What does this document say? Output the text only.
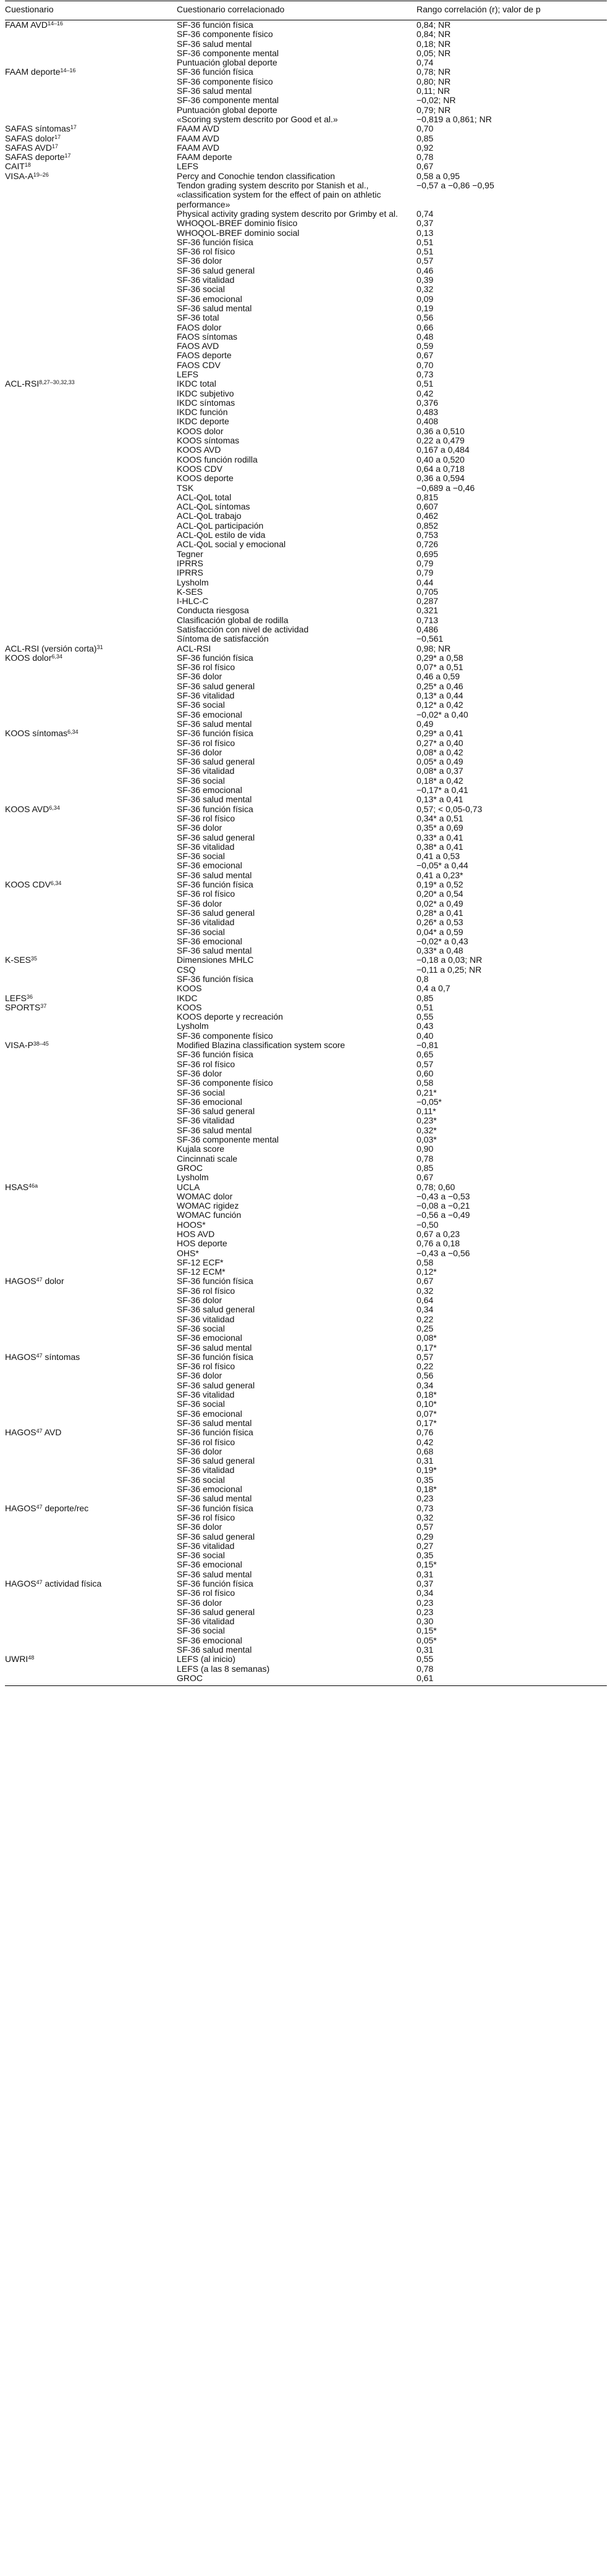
Cuestionario	Cuestionario correlacionado	Rango correlación (r); valor de p
FAAM AVD$^{14-16}$	SF-36 función física	0,84; NR
	SF-36 componente físico	0,84; NR
	SF-36 salud mental	0,18; NR
	SF-36 componente mental	0,05; NR
	Puntuación global deporte	0,74
FAAM deporte$^{14-16}$	SF-36 función física	0,78; NR
	SF-36 componente físico	0,80; NR
	SF-36 salud mental	0,11; NR
	SF-36 componente mental	−0,02; NR
	Puntuación global deporte	0,79; NR
	«Scoring system descrito por Good et al.»	−0,819 a 0,861; NR
SAFAS síntomas$^{17}$	FAAM AVD	0,70
SAFAS dolor$^{17}$	FAAM AVD	0,85
SAFAS AVD$^{17}$	FAAM AVD	0,92
SAFAS deporte$^{17}$	FAAM deporte	0,78
CAIT$^{18}$	LEFS	0,67
VISA-$A^{19-26}$	Percy and Conochie tendon classification	0,58 a 0,95
	Tendon grading system descrito por Stanish et al., «classification system for the effect of pain on athletic performance»	−0,57 a −0,86 −0,95
	Physical activity grading system descrito por Grimby et al.	0,74
	WHOQOL-BREF dominio físico	0,37
	WHOQOL-BREF dominio social	0,13
	SF-36 función física	0,51
	SF-36 rol físico	0,51
	SF-36 dolor	0,57
	SF-36 salud general	0,46
	SF-36 vitalidad	0,39
	SF-36 social	0,32
	SF-36 emocional	0,09
	SF-36 salud mental	0,19
	SF-36 total	0,56
	FAOS dolor	0,66
	FAOS síntomas	0,48
	FAOS AVD	0,59
	FAOS deporte	0,67
	FAOS CDV	0,70
	LEFS	0,73
ACL-RSI$^{8,27-30,32,33}$	IKDC total	0,51
	IKDC subjetivo	0,42
	IKDC síntomas	0,376
	IKDC función	0,483
	IKDC deporte	0,408
	KOOS dolor	0,36 a 0,510
	KOOS síntomas	0,22 a 0,479
	KOOS AVD	0,167 a 0,484
	KOOS función rodilla	0,40 a 0,520
	KOOS CDV	0,64 a 0,718
	KOOS deporte	0,36 a 0,594
	TSK	−0,689 a −0,46
	ACL-QoL total	0,815
	ACL-QoL síntomas	0,607
	ACL-QoL trabajo	0,462
	ACL-QoL participación	0,852
	ACL-QoL estilo de vida	0,753
	ACL-QoL social y emocional	0,726
	Tegner	0,695
	IPRRS	0,79
	IPRRS	0,79
	Lysholm	0,44
	K-SES	0,705
	I-HLC-C	0,287
	Conducta riesgosa	0,321
	Clasificación global de rodilla	0,713
	Satisfacción con nivel de actividad	0,486
	Síntoma de satisfacción	−0,561
ACL-RSI (versión corta)$^{31}$	ACL-RSI	0,98; NR
KOOS dolor$^{6,34}$	SF-36 función física	0,29* a 0,58
	SF-36 rol físico	0,07* a 0,51
	SF-36 dolor	0,46 a 0,59
	SF-36 salud general	0,25* a 0,46
	SF-36 vitalidad	0,13* a 0,44
	SF-36 social	0,12* a 0,42
	SF-36 emocional	−0,02* a 0,40
	SF-36 salud mental	0,49
KOOS síntomas$^{6,34}$	SF-36 función física	0,29* a 0,41
	SF-36 rol físico	0,27* a 0,40
	SF-36 dolor	0,08* a 0,42
	SF-36 salud general	0,05* a 0,49
	SF-36 vitalidad	0,08* a 0,37
	SF-36 social	0,18* a 0,42
	SF-36 emocional	−0,17* a 0,41
	SF-36 salud mental	0,13* a 0,41
KOOS AVD$^{6,34}$	SF-36 función física	0,57; < 0,05-0,73
	SF-36 rol físico	0,34* a 0,51
	SF-36 dolor	0,35* a 0,69
	SF-36 salud general	0,33* a 0,41
	SF-36 vitalidad	0,38* a 0,41
	SF-36 social	0,41 a 0,53
	SF-36 emocional	−0,05* a 0,44
	SF-36 salud mental	0,41 a 0,23*
KOOS CDV$^{6,34}$	SF-36 función física	0,19* a 0,52
	SF-36 rol físico	0,20* a 0,54
	SF-36 dolor	0,02* a 0,49
	SF-36 salud general	0,28* a 0,41
	SF-36 vitalidad	0,26* a 0,53
	SF-36 social	0,04* a 0,59
	SF-36 emocional	−0,02* a 0,43
	SF-36 salud mental	0,33* a 0,48
K-SES$^{35}$	Dimensiones MHLC	−0,18 a 0,03; NR
	CSQ	−0,11 a 0,25; NR
	SF-36 función física	0,8
	KOOS	0,4 a 0,7
LEFS$^{36}$	IKDC	0,85
SPORTS$^{37}$	KOOS	0,51
	KOOS deporte y recreación	0,55
	Lysholm	0,43
	SF-36 componente físico	0,40
VISA-$P^{38-45}$	Modified Blazina classification system score	−0,81
	SF-36 función física	0,65
	SF-36 rol físico	0,57
	SF-36 dolor	0,60
	SF-36 componente físico	0,58
	SF-36 social	0,21*
	SF-36 emocional	−0,05*
	SF-36 salud general	0,11*
	SF-36 vitalidad	0,23*
	SF-36 salud mental	0,32*
	SF-36 componente mental	0,03*
	Kujala score	0,90
	Cincinnati scale	0,78
	GROC	0,85
	Lysholm	0,67
$HSAS^{46a}$	UCLA	0,78; 0,60
	WOMAC dolor	−0,43 a −0,53
	WOMAC rigidez	−0,08 a −0,21
	WOMAC función	−0,56 a −0,49
	HOOS*	−0,50
	HOS AVD	0,67 a 0,23
	HOS deporte	0,76 a 0,18
	OHS*	−0,43 a −0,56
	SF-12 ECF*	0,58
	SF-12 ECM*	0,12*
HAGOS$^{47}$ dolor	SF-36 función física	0,67
	SF-36 rol físico	0,32
	SF-36 dolor	0,64
	SF-36 salud general	0,34
	SF-36 vitalidad	0,22
	SF-36 social	0,25
	SF-36 emocional	0,08*
	SF-36 salud mental	0,17*
HAGOS$^{47}$ síntomas	SF-36 función física	0,57
	SF-36 rol físico	0,22
	SF-36 dolor	0,56
	SF-36 salud general	0,34
	SF-36 vitalidad	0,18*
	SF-36 social	0,10*
	SF-36 emocional	0,07*
	SF-36 salud mental	0,17*
HAGOS$^{47}$ AVD	SF-36 función física	0,76
	SF-36 rol físico	0,42
	SF-36 dolor	0,68
	SF-36 salud general	0,31
	SF-36 vitalidad	0,19*
	SF-36 social	0,35
	SF-36 emocional	0,18*
	SF-36 salud mental	0,23
HAGOS$^{47}$ deporte/rec	SF-36 función física	0,73
	SF-36 rol físico	0,32
	SF-36 dolor	0,57
	SF-36 salud general	0,29
	SF-36 vitalidad	0,27
	SF-36 social	0,35
	SF-36 emocional	0,15*
	SF-36 salud mental	0,31
HAGOS$^{47}$ actividad física	SF-36 función física	0,37

	SF-36 rol físico	0,34
	SF-36 dolor	0,23
	SF-36 salud general	0,23
	SF-36 vitalidad	0,30
	SF-36 social	0,15*
	SF-36 emocional	0,05*
	SF-36 salud mental	0,31
UWRI$^{48}$	LEFS (al inicio)	0,55
	LEFS (a las 8 semanas)	0,78
	GROC	0,61
